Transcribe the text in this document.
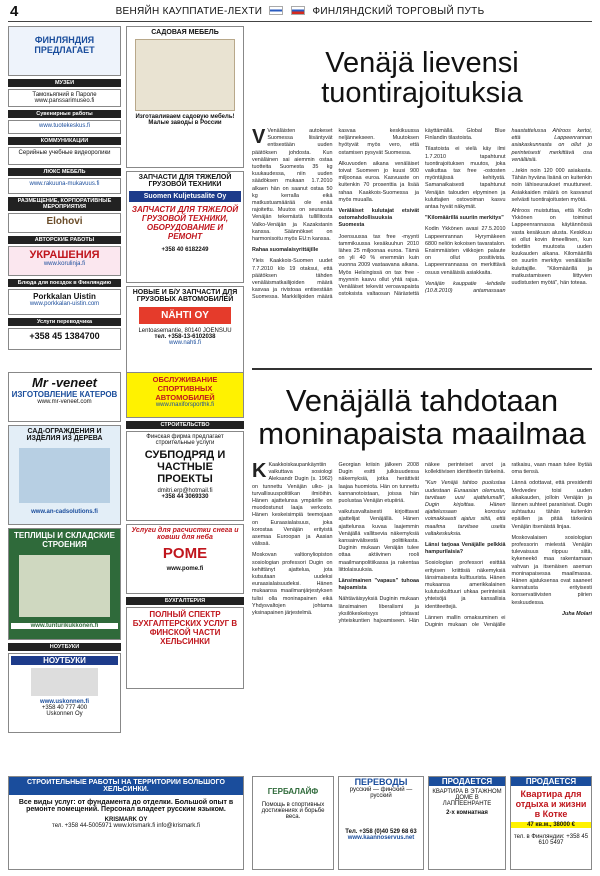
4	ВЕНЯЙН КАУППАТИЕ-ЛЕХТИ	ФИНЛЯНДСКИЙ ТОРГОВЫЙ ПУТЬ
ФИНЛЯНДИЯ ПРЕДЛАГАЕТ
МУЗЕИ
Тамохьяпний в Пароле www.panssarimuseo.fi
Сувенирные работы
www.tuotekeskus.fi
КОММУНИКАЦИИ
Серийные учебные видеоролики
ЛЮКС МЕБЕЛЬ
www.rakuuna-mukavuus.fi
РАЗМЕЩЕНИЕ, КОРПОРАТИВНЫЕ МЕРОПРИЯТИЯ
Elohovi
АВТОРСКИЕ РАБОТЫ
УКРАШЕНИЯ
www.korulinja.fi
Блюда для поездок в Финляндию
Porkkalan Uistin
www.porkkalan-uistin.com
Услуги переводчика
+358 45 1384700
САДОВАЯ МЕБЕЛЬ
Изготавливаем садовую мебель! Малые заводы в России
ЗАПЧАСТИ ДЛЯ ТЯЖЕЛОЙ ГРУЗОВОЙ ТЕХНИКИ
Suomen Kuljetusalite Oy
ЗАПЧАСТИ ДЛЯ ТЯЖЕЛОЙ ГРУЗОВОЙ ТЕХНИКИ, ОБОРУДОВАНИЕ И РЕМОНТ
+358 40 6182249
НОВЫЕ И Б/У ЗАПЧАСТИ ДЛЯ ГРУЗОВЫХ АВТОМОБИЛЕЙ
NÄHTI OY
Lentoasemantie, 80140 JOENSUU
тел. +358-13-6102038
www.nahti.fi
Venäjä lievensi
tuontirajoituksia

V Venäläisten autokeset Suomessa liisäntyvät entisestään uuden päätöksen johdosta. Kun venäläinen sai aiemmin ostaa tuotteita Suomesta 35 kg kuukaudessa, niin uuden säädöksen mukaan 1.7.2010 alkaen hän on saanut ostaa 50 kg kerralla eikä matkustuamäärää ole enää rajoitettu. Muutos on seurausta Venäjän tekemästä tullillitosta Valko-Venäjän ja Kazakstanin kanssa. Säännökset on harmonisoitu myös EU:n kanssa.

Rahaa suomalaisyrittäjille

Yleis Kaakkois-Suomen uudet 7.7.2010 klo 19 otaksui, että päätöksen tähden venäläismatkailijoiden määrä kasvaa ja rivistoaa entisestään Suomessa. Markkilijoiden määrä kasvaa keskikuussa neljännekseen. Muutoksen hyötyvät myös vero, että ostamisen pysyvät Suomessa.

Alkuvuoden aikana venäläiset toivat Suomeen jo kuusi 900 miljoonaa euroa. Kasvuaste on kuitenkin 70 prosenttia ja lisää rahaa Kaakkois-Suomessa ja myös muualla.

Veräläiset kulutajat etsivät ostomahdollisuuksia Suomesta

Joensuussa tax free -myynti tammikuussa kesäkuuhun 2010 lähes 25 miljoonaa euroa. Tämä on yli 40 % enemmän kuin vuonna 2009 vastaavana aikana. Myös Helsingissä on tax free -myynnin kasvu ollut yhtä rajua. Venäläiset tekevät veroavapaista ostoksista valtaosan Närästettä käyttämällä. Global Blue Finlandin tilastoista.

Tilastoista ei vielä käy ilmi 1.7.2010 tapahtunut tuontirajoituksen muutos, joka vaikuttaa tax free -ostosten myöntäjissä kehitystä. Samanaikaisesti tapahtunut Venäjän talouden elpyminen ja kuluttajien ostovoiman kasvu antaa hyvät näkymät.

"Kilomäärillä suuriin merkitys"

Kodin Ykkönen avasi 27.5.2010 Lappeenrannan Hyrymäkeen 6800 neliön kokoisen tavaratalon. Ensimmäisten viikkojen palaute on ollut positiivista. Lappeenrannassa on merkittävä osuus venäläisiä asiakkaita.

Venäjän kauppatie -lehdelle (10.8.2010) antamassaan haastattelussa Ahlroos kertoi, että Lappeenrannan asiakaskunnasta on ollut jo perinteisesti merkittävä osa venäläisiä.

...tekin noin 120 000 asiakasta. Tähän hyväna lisänä on kuitenkin noin lähiseuraukset muuttuneet. Asiakkaiden määrä on kasvanut selvästi tuontirajoitusten myötä.

Ahlroos muistuttaa, että Kodin Ykkönen on toiminut Lappeenrannassa käytännössä vasta kesäkuun alusta. Keskikuu ei ollut kovin ilmeellinen, kun todettiin muutosta uuden kuukauden aikana. Kilomäärillä on suuriin merkitys venäläisille kuluttajille. "Kilomäärillä ja matkustamiseen liittyvien uudistusten myötä", hän toteaa.

Venäjällä tahdotaan
moninapaista maailmaa

K Kaakkoiskaupankäyntiin vaikuttava sosiologi Aleksandr Dugin (s. 1962) on tunnettu Venäjän ulko- ja turvallisuuspolitiikan ilmiöihin. Hänen ajattelunsa ympärille on muodostunut laaja verkosto. Hänen keskeisimpiä teemojaan on Euraasialaisuus, joka korostaa Venäjän erityistä asemaa Euroopan ja Aasian välissä.

Moskovan valtionyliopiston sosiologian professori Dugin on kehittänyt ajattelua, jota kutsutaan uudeksi euraasialaisuudeksi. Hänen mukaansa maailmanjärjestyksen tulisi olla moninapainen eikä Yhdysvaltojen johtama yksinapainen järjestelmä.

Georgian kriisin jälkeen 2008 Dugin esitti julkisuudessa näkemyksiä, jotka herättivät laajaa huomiota. Hän on tunnettu kannanotoistaan, joissa hän puolustaa Venäjän etupiiriä.

vaikutusvaltaisesti kirjoittavat ajattelijat Venäjällä. Hänen ajattelunsa kuvaa laajemmin Venäjällä vallitsevia näkemyksiä kansainvälisestä politiikasta. Duginin mukaan Venäjän tulee ottaa aktiivinen rooli maailmanpolitiikassa ja rakentaa liittolaisuuksia.

Länsimainen "vapaus" tuhoaa hajoamista

Nähtäväisyyksiä Duginin mukaan länsimainen liberalismi ja yksilökeskeisyys johtavat yhteiskuntien hajoamiseen. Hän näkee perinteiset arvot ja kollektiivisen identiteetin tärkeinä.

"Kun Venäjä tahtoo puolustaa uudestaan Euraasian olemusta, tarvitaan uusi ajattelumalli", Dugin kirjoittaa. Hänen ajattelussaan korostuu voimakkaasti ajatus siitä, että maailma tarvitsee useita valtakeskuksia.

Länsi tarjoaa Venäjälle pelkkiä hampurilaisia?

Sosiologian professori esittää erityisen kriittisiä näkemyksiä länsimaisesta kulttuurista. Hänen mukaansa amerikkalainen kulutuskulttuuri uhkaa perinteisiä yhteisöjä ja kansallisia identiteettejä.

Lännen mallin omaksuminen ei Duginin mukaan ole Venäjälle ratkaisu, vaan maan tulee löytää oma tiensä.

Lännä odottavat, että presidentti Medvedev toisi uuden aikakauden, jolloin Venäjän ja lännen suhteet paranisivat. Dugin suhtautuu tähän kuitenkin epäillen ja pitää tärkeänä Venäjän itsenäistä linjaa.

Moskovalaisen sosiologian professorin mielestä Venäjän tulevaisuus riippuu siitä, kykeneekö maa rakentamaan vahvan ja itsenäisen aseman moninapaisessa maailmassa. Hänen ajatuksensa ovat saaneet kannatusta erityisesti konservatiivisten piirien keskuudessa.

Juha Molari

Mr -veneet
ИЗГОТОВЛЕНИЕ КАТЕРОВ
www.mr-veneet.com
САД-ОГРАЖДЕНИЯ И ИЗДЕЛИЯ ИЗ ДЕРЕВА
www.an-cadsolutions.fi
ТЕПЛИЦЫ И СКЛАДСКИЕ СТРОЕНИЯ
www.tunturikukkonen.fi
НОУТБУКИ
НОУТБУКИ
www.uskonnen.fi
+358 40 777 400
Uskonnen Oy
ОБСЛУЖИВАНИЕ СПОРТИВНЫХ АВТОМОБИЛЕЙ
www.maxiforsporthk.fi
СТРОИТЕЛЬСТВО
Финская фирма предлагает строительные услуги
СУБПОДРЯД И ЧАСТНЫЕ ПРОЕКТЫ
dmitri.erp@hotmail.fi
+358 44 3069330
Услуги для расчистки снега и ковши для неба
POME
www.pome.fi
БУХГАЛТЕРИЯ
ПОЛНЫЙ СПЕКТР БУХГАЛТЕРСКИХ УСЛУГ В ФИНСКОЙ ЧАСТИ ХЕЛЬСИНКИ
СТРОИТЕЛЬНЫЕ РАБОТЫ НА ТЕРРИТОРИИ БОЛЬШОГО ХЕЛЬСИНКИ.
Все виды услуг: от фундамента до отделки. Большой опыт в ремонте помещений. Персонал владеет русским языком.
KRISMARK OY
тел. +358 44-5005971 www.krismark.fi info@krismark.fi
ГЕРБАЛАЙФ
Помощь в спортивных достижениях и борьбе веса.
ПЕРЕВОДЫ
русский — финский — русский
Тел. +358 (0)40 529 68 63
www.kaannoservus.net
ПРОДАЕТСЯ
КВАРТИРА В ЭТАЖНОМ ДОМЕ В ЛАППЕЕНРАНТЕ
2-х комнатная
ПРОДАЕТСЯ
Квартира для отдыха и жизни в Котке
47 кв.м., 38000 €
тел. в Финляндии: +358 45 610 5497
